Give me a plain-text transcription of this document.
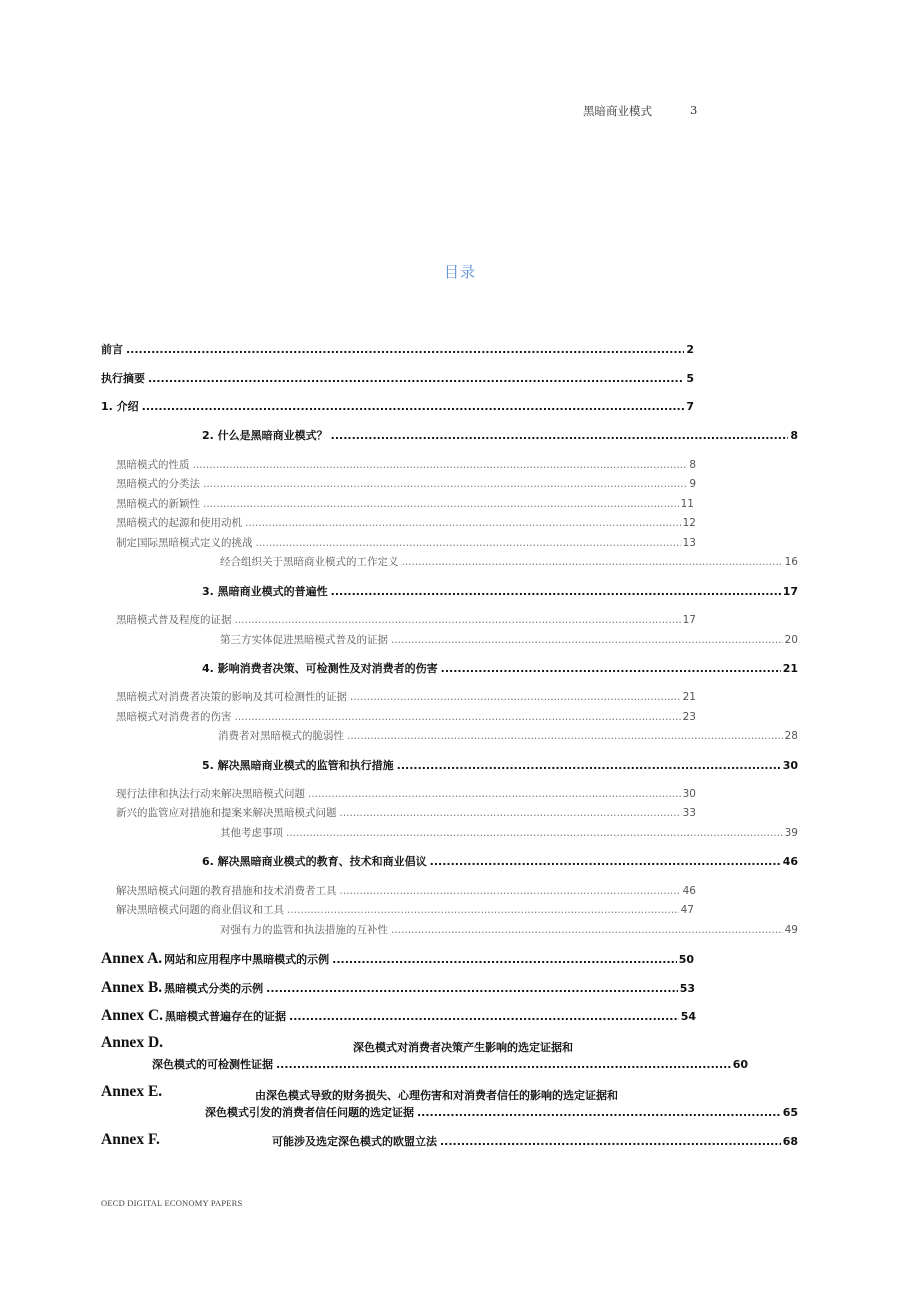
黑暗商业模式	3
目录
前言 .....	2
执行摘要 .....	5
1. 介绍 .....	7
2. 什么是黑暗商业模式？ .....	8
黑暗模式的性质 .....	8
黑暗模式的分类法 .....	9
黑暗模式的新颖性 .....	11
黑暗模式的起源和使用动机 .....	12
制定国际黑暗模式定义的挑战 .....	13
经合组织关于黑暗商业模式的工作定义 .....	16
3. 黑暗商业模式的普遍性 .....	17
黑暗模式普及程度的证据 .....	17
第三方实体促进黑暗模式普及的证据 .....	20
4. 影响消费者决策、可检测性及对消费者的伤害 .....	21
黑暗模式对消费者决策的影响及其可检测性的证据 .....	21
黑暗模式对消费者的伤害 .....	23
消费者对黑暗模式的脆弱性 .....	28
5. 解决黑暗商业模式的监管和执行措施 .....	30
现行法律和执法行动来解决黑暗模式问题 .....	30
新兴的监管应对措施和提案来解决黑暗模式问题 .....	33
其他考虑事项 .....	39
6. 解决黑暗商业模式的教育、技术和商业倡议 .....	46
解决黑暗模式问题的教育措施和技术消费者工具 .....	46
解决黑暗模式问题的商业倡议和工具 .....	47
对强有力的监管和执法措施的互补性 .....	49
Annex A. 网站和应用程序中黑暗模式的示例 .....	50
Annex B. 黑暗模式分类的示例 .....	53
Annex C. 黑暗模式普遍存在的证据 .....	54
Annex D.	深色模式对消费者决策产生影响的选定证据和
深色模式的可检测性证据 .....	60
Annex E.	由深色模式导致的财务损失、心理伤害和对消费者信任的影响的选定证据和
深色模式引发的消费者信任问题的选定证据 .....	65
Annex F.	可能涉及选定深色模式的欧盟立法 .....	68
OECD DIGITAL ECONOMY PAPERS
